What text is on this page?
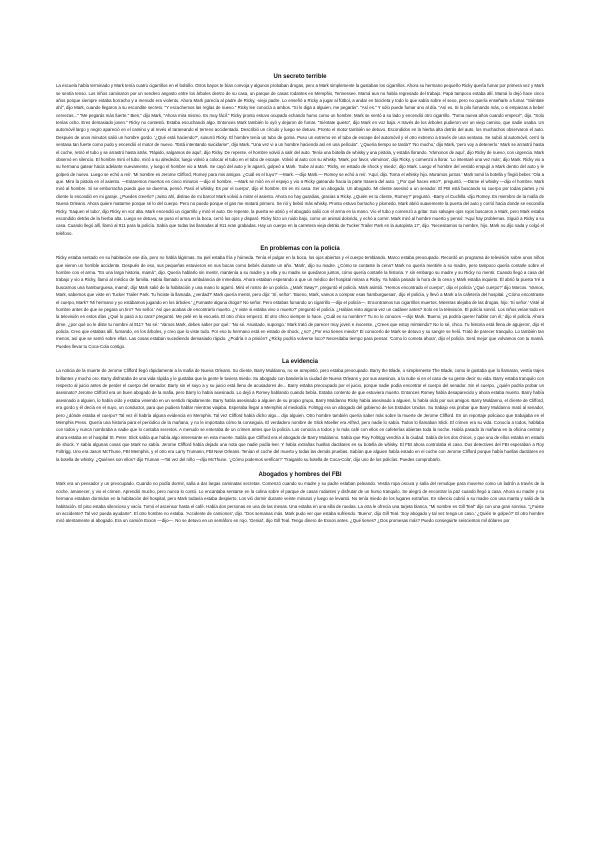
Un secreto terrible
La escuela había terminado y Mark tenía cuatro cigarrillos en el bolsillo. Otros bayos te bían convoja y algunos probaban drogas, pero a Mark simplemente la gustaban los cigarrillos. Ahora su hermano pequeño Ricky quería fumar por primera vez y Mark se sentía tenso. Los niños caminaron por un sendero angosto entre los árboles dentro de su casa, un parque de casas rodantes en Memphis, Tennessee. Mamá aun no había regresado del trabajo. Papá tampoco estaba allí. Mamá lo dejó hace cinco años porque siempre estaba borracho y a menudo era violento. Ahora Mark parecía al padre de Ricky, -viejo padre. Lo enseñó a Ricky a jugar al fútbol, a andar en bicicleta y todo lo que sabía sobre el sexo, pero no quería enseñarle a fumar. "Siéntate ahí", dijo Mark, cuando llegaron a su escondite secreto. "Y escuchemos las reglas de nuevo." Ricky lee conocía a ambos. "Si lo diga a alguien, me pegarás". "Así es." Y sólo puede fumar uno al día. "Así es. Si lo pilo fumando más, o si empiezas a beber cervezas..." "Me pegarás más fuerte." Bien," dijo Mark. "Ahora mira mismo. Es muy fácil." Ricky pronto estuvo ocupado echando humo como un hombre. Mark se sentó a su lado y encendió otro cigarrillo. "Toma nueva años cuando empecé", dijo. "Solo tenías ocho. Eres demasiado joven." Ricky no contestó. Estaba escuchando algo. Entonces Mark también lo oyó y dejaron de fumar. "Siéntate quieto", dijo Mark en voz baja. A través de los árboles pudieron ver un viejo camino, que nadie usaba. Un automóvil largo y negro apareció en el camino y al revés el tarareando el terreno accidentado. Describió un círculo y luego se detuvo. Pronto el motor también se detuvo. Escondidos en la hierba alta detrás del auto, los muchachos observaron el auto. Después de unos minutos salió un hombre gordo. '¿Qué está haciendo?', susurró Ricky. El hombre tenía un tubo de goma. Puso un extremo en el tubo de escape del automóvil y el otro extremo a través de una ventana. Se subió al automóvil, cerró la ventana tan fuerte como pudo y encendió el motor de nuevo. "Está intentando suicidarse", dijo Mark. "Una vez vi a un hombre haciendo así en una película". '¿Quería tiempo se tarda?' 'No mucho,' dijo Mark, 'pero voy a detenerlo.' Mark se arrastró hasta el coche, retiró el tubo y se arrastró hasta atrás. 'Rápido, salgamos de aquí', dijo Ricky. De repente, el hombre volvió a salir del auto. Tenía una botella de whisky y una pistola, y estaba llorando. 'Vámonos de aquí', dijo Ricky de nuevo, con urgencia. Mark observó en silencio. El hombre miró el tubo, miró a su alrededor, luego volvió a colocar el tubo en el tubo de escape. Volvió al auto con su whisky. 'Mark, por favor, vámonos', dijo Ricky, y comenzó a llorar. 'Lo intentaré una vez más', dijo Mark. Ricky vio a su hermano gatear hacia adelante nuevamente, y luego el hombre vio a Mark. Se cayó del auto y le agarró, golpeó a Mark. 'Sube al auto.' 'Ricky, en estado de shock y miedo', dijo Mark. Luego el hombre del vestido empujó a Mark dentro del auto y le golpeó de nuevo. Luego se echó a reír. 'Mi nombre es Jerome Clifford, Romey para mis amigos. ¿Cuál es el tuyo?' —Mark. —dijo Mark.— Romey se echó a reír. 'Aquí, dijo. Toma el whisky hijo. Muramos juntos.' Mark tomó la botella y fingió beber. 'Oía a que. Mira la pistola en el asiento. —Estaremos muertos en cinco minutos —dijo el hombre. —Mark se miró en el espejo y vio a Ricky gateando hacia la parte trasera del auto. '¿Por qué haces esto?', preguntó. —Dame el whisky —dijo el hombre. Mark miró al hombre. Si se emborracha puedo que se duerma, pensó. Pasó el whisky. Es por el cuerpo', dijo el hombre. Es en mi casa. Ser un abogado. Un abogado. Mi cliente asesinó a un senador. El FBI está buscando su cuerpo por todas partes y mi cliente lo escondió en mi garaje. ¿Puedes creerlo? ¡Justo ahí, distrae de mi barco! Mark volvió a mirar el asiento. Ahora no hay guardias, gracias a Ricky. ¿Quién es tu cliente, Romey?' preguntó. -Barry el Cuchilla -dijo Romey. Es miembro de la mafia de Nueva Orleans. Ahora quiere matarme porque sé lo del cuerpo. Pero no puedo porque el gas me matará primero. Se rió y bebió más whisky. Pronto estuvo borracho y plomedo. Mark abrió suavemente la puerta del auto y corrió hacia donde se escondía Ricky. 'Saquen el tubo', dijo Ricky en voz alta. Mark encendió un cigarrillo y miró el auto. De repente, la puerta se abrió y el abogado salió con el arma en la mano. Vio el tubo y comenzó a gritar. Sus salvajes ojos rojos buscaron a Mark, pero Mark estaba escondido detrás de la hierba alta. Luego se detuvo, se puso el arma en la boca, cerró los ojos y disparó. Ricky hizo un ruido bajo, como un animal dolorido, y echó a correr. Mark miró al hombre muerto y pensó: 'Aquí hay problemas. Siguió a Ricky a su casa. Cuando llegó allí, llamó al 911 para la policía. Sabía que todas las llamadas al 911 eran grabadas. Hay un cuerpo en la carretera vieja detrás de Tucker Trailer Park en la autopista 17', dijo. 'Necesitamos tu nombre, hijo. Mark no dijo nada y colgó el teléfono.
En problemas con la policía
Ricky estaba sentado en su habitación ese día, pero no había lágrimas. Su piel estaba fría y húmeda. Tenía el pulgar en la boca, los ojos abiertos y el cuerpo temblando. Marco estaba preocupado. Recordó un programa de televisión sobre unos niños que vieron un horrible accidente. Después de eso, sus pequeñas estuvieron en sus bocas como bebés durante un año. 'Mark', dijo su madre. ¿Cómo te contaste la cena? Mark no quería mentirle a su madre, pero tampoco quería contarle sobre el hombre con el arma. "Es una larga historia, mamá", dijo. Quería hablarlo sin mentir, mantenía a su madre y a ella y su madre se quedaron juntos, cómo quería contarle la historia. Y sin embargo su madre y su Ricky no mentir. Cuando llegó a casa del trabajo y vio a Ricky, llamó al médico de familia. Había llamado a una ambulancia de inmediato. Ahora estaban esperando a que un médico del hospital mirara a Ricky. Ya había pasado la hora de la cena y Mark estaba inquieto. Él abrió la puerta 'Iré a buscarnos una hamburguesa, mamá', dijo Mark salió de la habitación y una mano lo agarró. Miró el rostro de un policía. ¿Mark Sway?', preguntó el policía. Mark asintió. "Hemos encontrado el cuerpo", dijo el policía '¿Qué cuerpo?' dijo Marcos. 'Vamos, Mark, sabemos que viste en Tucker Trailer Park. Tu hiciste la llamada, ¿verdad?' Mark quería mentir, pero dijo: 'Sí, señor'. 'Bueno, Mark, vamos a comprar esas hamburguesas', dijo el policía, y llevó a Mark a la cafetería del hospital. ¿Cómo encontraste el cuerpo, Mark? 'Mi hermano y yo estábamos jugando en los árboles.' ¿Fumaste alguna droga? No señor. Pero estabas fumando un cigarrillo —dijo el policía—. Encontramos tus cigarrillos muertos. Mientras alejaba de las drogas, hijo. 'Sí señor.' Visté al hombre antes de que se pegara un tiro? 'No señor.' Así que acabas de encontrarlo muerto. ¿Y viste si estaba vivo o muerto?' preguntó el policía. ¿Habías visto alguna vez un cadáver antes? Solo en la televisión. El policía sonrió. Los niños veían todo en la televisión en estos días ¿Qué lo pasó a tu cara? preguntó. Me pelé en la escuela. El otro chico empezó. El otro chico siempre lo hace. ¿Cuál es su nombre?' Tu no lo conoces —dijo Mark. 'Bueno, ya podría querer hablar con él,' dijo el policía. Ahora dime, ¿por qué no le diste tu nombre al 911? 'No sé.' 'Vamos Mark, debes saber por qué.' 'No sé. Asustado, supongo.' Mark trató de parecer muy joven e inocente. ¿Crees que estoy mintiendo? No lo sé, chico. Tu historia está llena de agujeros', dijo el policía. Creo que estabas allí, fumando, en los árboles, y creo que lo viste todo. Por eso tu hermano está en estado de shock, ¿no? ¿Por eso tienes miedo? El conocerlo de Mark se detuvo y su sangre se heló. Trató de parecer tranquilo. Lo también tan menos, así que se sentó sobre ellas. Las cosas estaban sucediendo demasiado rápido. ¿Podría ir a prisión? ¿Ricky podría volverse loco? Necesitaba tiempo para pensar. 'Como lo cometa ahora', dijo el policía. Será mejor que volvamos con tu mamá. Puedes llevar tu Coca-Cola contigo.
La evidencia
La noticia de la muerte de Jerome Clifford llegó rápidamente a la mafia de Nueva Orleans. Su cliente, Barry Muldanno, no se arrepintió, pero estaba preocupado. Barry the Blade, o simplemente The Blade, como le gustaba que lo llamaran, vestía trajes brillantes y mucho oro. Barry disfrutaba de una vida rápida y le gustaba que la gente le tuviera miedo. Su abogado con bandería la ciudad de Nueva Orleans y por sus asesinos, a la nube si en el caso de su gente decir su vida. Barry estaba tranquilo con respecto al juicio antes de perder el cuerpo del senador. Barry sin el suyo a y su juicio está lleno de acusadores de... Barry estaba preocupado por el juicio, porque nadie podía encontrar el cuerpo del senador. Sin el cuerpo, ¿quién podría probar un asesinato? Jerome Clifford era un buen abogado de la mafia, pero Barry lo había asesinado. Lo dejó a Romey hablando cuando bebía. Estaba contento de que estuviera muerto. Entonces Romey había desaparecido y ahora estaba muerto. Barry había asesinado a alguien, lo había oído y estaba viniendo en un sentido rápidamente. Barry había asesinado a alguien de su propio grupo, Barry Muldanno Ricky había asesinado a alguien, lo había oído por sus amigos. Barry Muldanno, el cliente de Clifford, era gordo y él decía en el suyo, un conductor, para que pudiera hablar mientras viajaba. Esperaba llegar a Memphis al mediodía. Foltrigg era un abogado del gobierno de los Estados Unidos. Su trabajo era probar que Barry Muldanno mató al senador, pero ¿dónde estaba el cuerpo? Tal vez él habría alguna evidencia en Memphis. Tal vez Clifford había dicho algo... dijo alguien. Otro hombre también quería saber más sobre la muerte de Jerome Clifford. En un reportaje policiaco que trabajaba en el Memphis Press. Quería una historia para el periódico de la mañana, y no le importaba cómo la conseguía. El verdadero nombre de Slick Moeller era Alfred, pero nadie lo sabía. Todos lo llamaban Slick. El crimen era su vida. Conocía a todos, hablaba con todos y nunca nombraba a nadie que lo contaba secretos. A menudo se enteraba de un crimen antes que la policía. Los conocía a todos y lo más café con ellos en cafeterías abiertas toda la noche. Había pasado la mañana en la oficina central y ahora estaba en el hospital St. Peter. Slick sabía que había algo interesante en esta muerte. Sabía que Clifford era el abogado de Barry Muldanno. Sabía que Roy Foltrigg vendría a la ciudad. Sabía de los dos chicos, y que uno de ellos estaba en estado de shock. Y sabía algunas cosas que Mark no sabía. Jerome Clifford había dejado una nota que nadie podía leer. Y había extrañas huellas dactilares en su botella de whisky. El FBI ahora controlaba el caso. Dos detectives del FBI esperaban a Roy Foltrigg. Uno era Jason McThune, FBI Memphis, y el otro era Larry Trumann, FBI New Orleans. Tenían el coche del muerto y todas las demás pruebas. Sabían que alguien había estado en el coche con Jerome Clifford porque había huellas dactilares en la botella de whisky. ¿Quiénes son ellos? dijo Truman —Tal vez del niño —dijo McThune. '¿Cómo podemos verificar?' 'Traiganlo su botella de Coca-Cola', dijo uno de los policías. Puedes comprobarlo.
Abogados y hombres del FBI
Mark era un pensador y un preocupado. Cuando no podía dormir, salía a dar largas caminatas secretas. Comenzó cuando su madre y su padre estaban peleando. Vestía ropa oscura y salía del remolque para moverse como un ladrón a través de la noche, amanecer, y vio el crimen. Aprendió mucho, pero nunca lo contó. Lo encantaba sentarse en la colina sobre el parque de casas rodantes y disfrutar de un humo tranquilo. Se alegró de encontrar la paz cuando llegó a casa. Ahora su madre y su hermano estaban dormidos en la habitación del hospital, pero Mark todavía estaba despierto. Los vió dormir durante veinte minutos y luego se levantó. No tenía miedo de los lugares extraños. En silencio cubrió a su madre con una manta y salió de la habitación. El piso estaba silencioso y vacío. Tomó el ascensor hasta el café. Había dos personas en una de las mesas. Una estaba en una silla de ruedas. La otra le ofrecía una tarjeta blanca. "Mi nombre es Gill Teal" dijo con una gran sonrisa. "¿Fuiste un accidente? Tal vez pueda ayudarte". El otro hombre no estaba. 'Accidente de camiones', dijo. "Dos semanas más. Mark pudo ver que estaba sufriendo. 'Bueno', dijo Gill Teal. 'Soy abogado y tal vez tenga un caso.' ¿Quién te golpeó?' El otro hombre miró atentamente al abogado. Era un camión Exxon —dijo—. No se detuvo en un semáforo en rojo. 'Genial', dijo Gill Teal. Tengo dinero de Exxon antes. ¿Qué tienes? ¿Dos promesas más? Puedo conseguirte seiscientos mil dólares por
